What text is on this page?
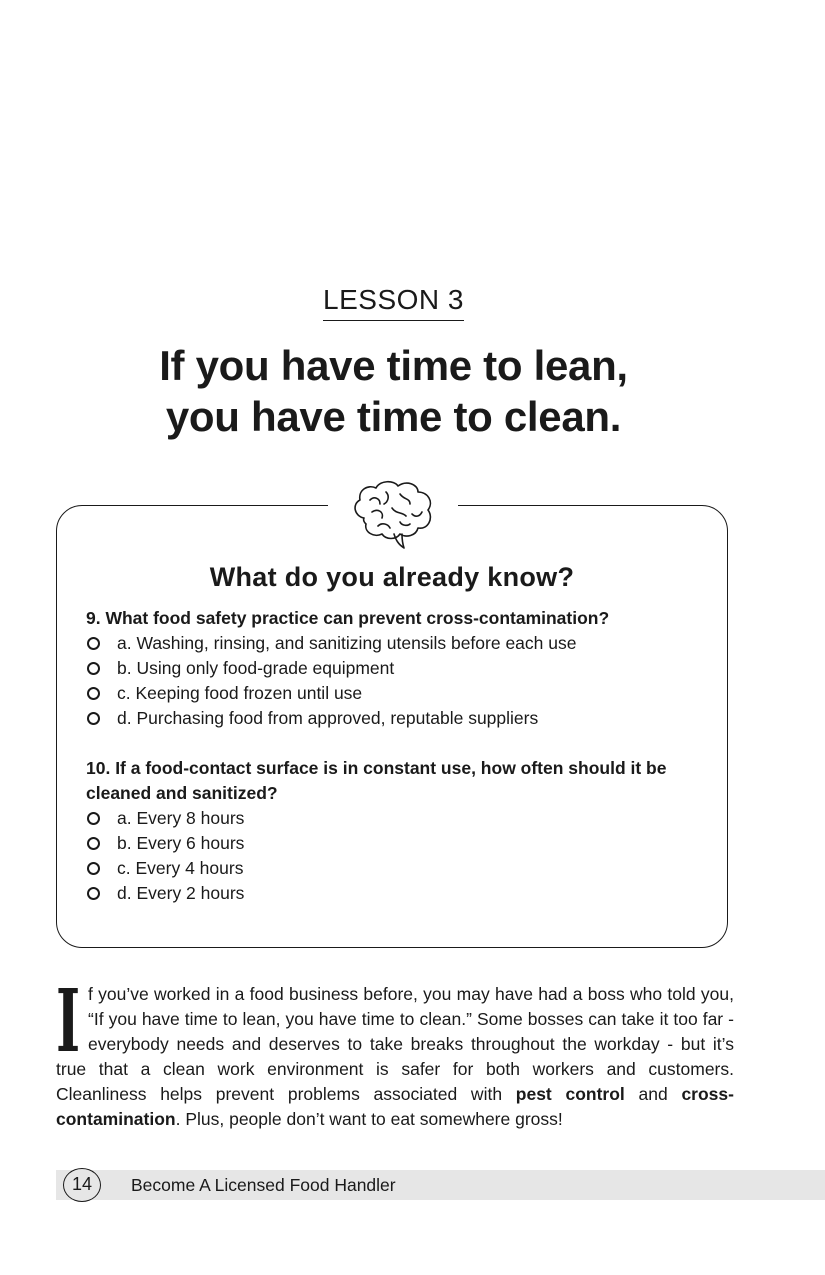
LESSON 3
If you have time to lean,
you have time to clean.
What do you already know?
9. What food safety practice can prevent cross-contamination?
a. Washing, rinsing, and sanitizing utensils before each use
b. Using only food-grade equipment
c. Keeping food frozen until use
d. Purchasing food from approved, reputable suppliers
10. If a food-contact surface is in constant use, how often should it be cleaned and sanitized?
a. Every 8 hours
b. Every 6 hours
c. Every 4 hours
d. Every 2 hours
If you’ve worked in a food business before, you may have had a boss who told you, “If you have time to lean, you have time to clean.” Some bosses can take it too far - everybody needs and deserves to take breaks throughout the workday - but it’s true that a clean work environment is safer for both workers and customers. Cleanliness helps prevent problems associated with pest control and cross-contamination. Plus, people don’t want to eat somewhere gross!
14	Become A Licensed Food Handler
